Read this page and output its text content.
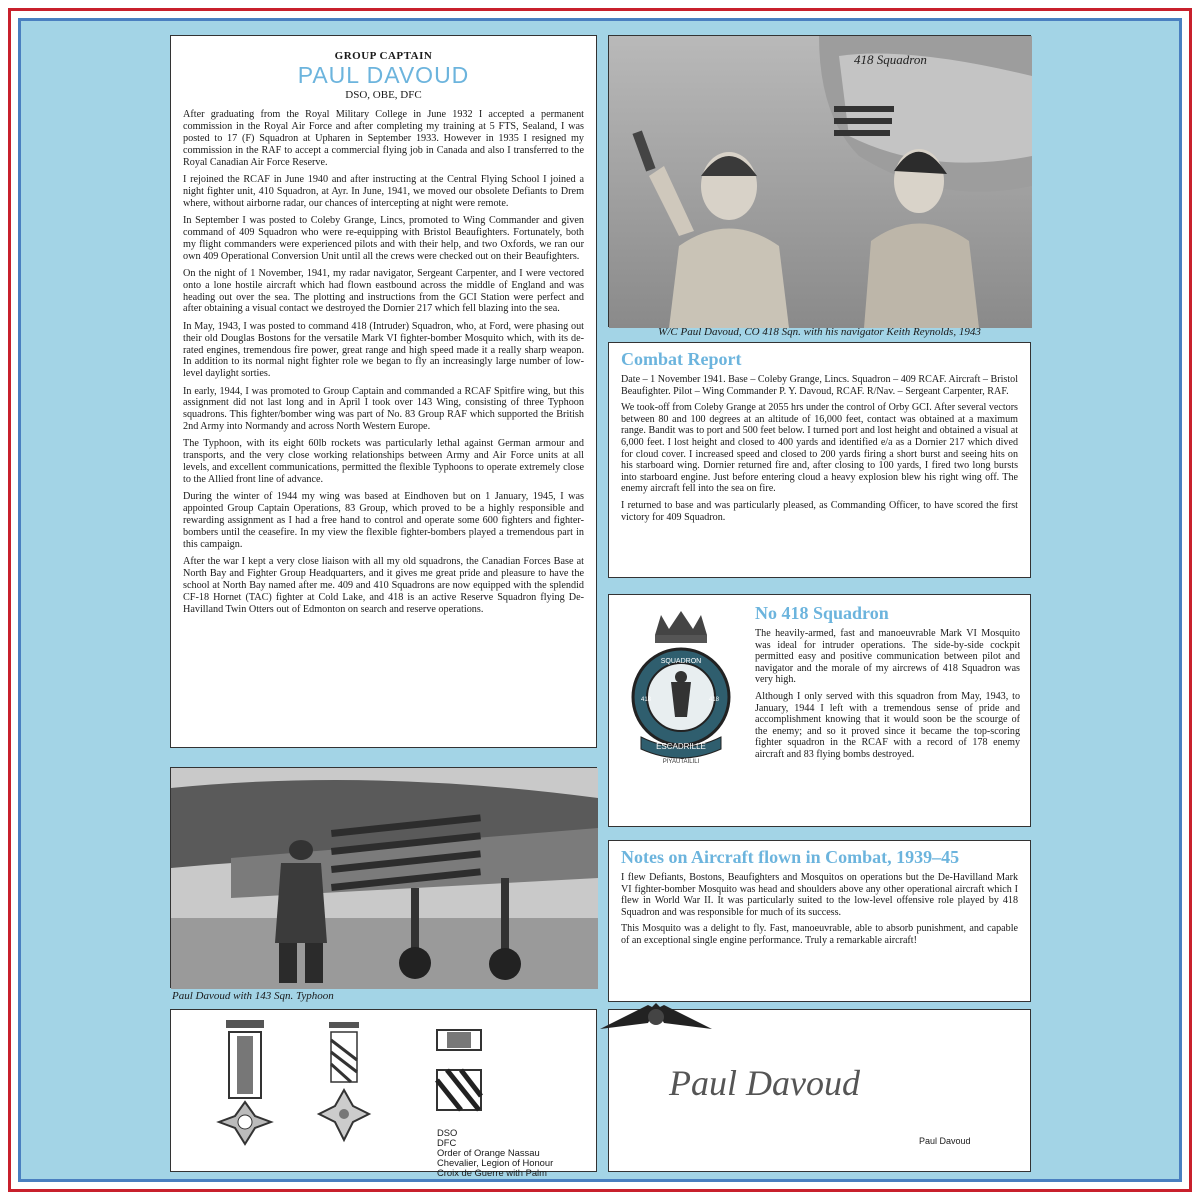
GROUP CAPTAIN
PAUL DAVOUD
DSO, OBE, DFC

After graduating from the Royal Military College in June 1932 I accepted a permanent commission in the Royal Air Force and after completing my training at 5 FTS, Sealand, I was posted to 17 (F) Squadron at Upharen in September 1933. However in 1935 I resigned my commission in the RAF to accept a commercial flying job in Canada and also I transferred to the Royal Canadian Air Force Reserve.

I rejoined the RCAF in June 1940 and after instructing at the Central Flying School I joined a night fighter unit, 410 Squadron, at Ayr. In June, 1941, we moved our obsolete Defiants to Drem where, without airborne radar, our chances of intercepting at night were remote.

In September I was posted to Coleby Grange, Lincs, promoted to Wing Commander and given command of 409 Squadron who were re-equipping with Bristol Beaufighters. Fortunately, both my flight commanders were experienced pilots and with their help, and two Oxfords, we ran our own 409 Operational Conversion Unit until all the crews were checked out on their Beaufighters.

On the night of 1 November, 1941, my radar navigator, Sergeant Carpenter, and I were vectored onto a lone hostile aircraft which had flown eastbound across the middle of England and was heading out over the sea. The plotting and instructions from the GCI Station were perfect and after obtaining a visual contact we destroyed the Dornier 217 which fell blazing into the sea.

In May, 1943, I was posted to command 418 (Intruder) Squadron, who, at Ford, were phasing out their old Douglas Bostons for the versatile Mark VI fighter-bomber Mosquito which, with its de-rated engines, tremendous fire power, great range and high speed made it a really sharp weapon. In addition to its normal night fighter role we began to fly an increasingly large number of low-level daylight sorties.

In early, 1944, I was promoted to Group Captain and commanded a RCAF Spitfire wing, but this assignment did not last long and in April I took over 143 Wing, consisting of three Typhoon squadrons. This fighter/bomber wing was part of No. 83 Group RAF which supported the British 2nd Army into Normandy and across North Western Europe.

The Typhoon, with its eight 60lb rockets was particularly lethal against German armour and transports, and the very close working relationships between Army and Air Force units at all levels, and excellent communications, permitted the flexible Typhoons to operate extremely close to the Allied front line of advance.

During the winter of 1944 my wing was based at Eindhoven but on 1 January, 1945, I was appointed Group Captain Operations, 83 Group, which proved to be a highly responsible and rewarding assignment as I had a free hand to control and operate some 600 fighters and fighter-bombers until the ceasefire. In my view the flexible fighter-bombers played a tremendous part in this campaign.

After the war I kept a very close liaison with all my old squadrons, the Canadian Forces Base at North Bay and Fighter Group Headquarters, and it gives me great pride and pleasure to have the school at North Bay named after me. 409 and 410 Squadrons are now equipped with the splendid CF-18 Hornet (TAC) fighter at Cold Lake, and 418 is an active Reserve Squadron flying De-Havilland Twin Otters out of Edmonton on search and reserve operations.

418 Squadron
W/C Paul Davoud, CO 418 Sqn. with his navigator Keith Reynolds, 1943
Combat Report

Date – 1 November 1941. Base – Coleby Grange, Lincs. Squadron – 409 RCAF. Aircraft – Bristol Beaufighter. Pilot – Wing Commander P. Y. Davoud, RCAF. R/Nav. – Sergeant Carpenter, RAF.

We took-off from Coleby Grange at 2055 hrs under the control of Orby GCI. After several vectors between 80 and 100 degrees at an altitude of 16,000 feet, contact was obtained at a maximum range. Bandit was to port and 500 feet below. I turned port and lost height and obtained a visual at 6,000 feet. I lost height and closed to 400 yards and identified e/a as a Dornier 217 which dived for cloud cover. I increased speed and closed to 200 yards firing a short burst and seeing hits on his starboard wing. Dornier returned fire and, after closing to 100 yards, I fired two long bursts into starboard engine. Just before entering cloud a heavy explosion blew his right wing off. The enemy aircraft fell into the sea on fire.

I returned to base and was particularly pleased, as Commanding Officer, to have scored the first victory for 409 Squadron.

SQUADRON
418	418
ESCADRILLE
PIYAUTAILILI
No 418 Squadron

The heavily-armed, fast and manoeuvrable Mark VI Mosquito was ideal for intruder operations. The side-by-side cockpit permitted easy and positive communication between pilot and navigator and the morale of my aircrews of 418 Squadron was very high.

Although I only served with this squadron from May, 1943, to January, 1944 I left with a tremendous sense of pride and accomplishment knowing that it would soon be the scourge of the enemy; and so it proved since it became the top-scoring fighter squadron in the RCAF with a record of 178 enemy aircraft and 83 flying bombs destroyed.

Notes on Aircraft flown in Combat, 1939–45

I flew Defiants, Bostons, Beaufighters and Mosquitos on operations but the De-Havilland Mark VI fighter-bomber Mosquito was head and shoulders above any other operational aircraft which I flew in World War II. It was particularly suited to the low-level offensive role played by 418 Squadron and was responsible for much of its success.

This Mosquito was a delight to fly. Fast, manoeuvrable, able to absorb punishment, and capable of an exceptional single engine performance. Truly a remarkable aircraft!

Paul Davoud with 143 Sqn. Typhoon
DSO
DFC
Order of Orange Nassau
Chevalier, Legion of Honour
Croix de Guerre with Palm
Paul Davoud
Paul Davoud
